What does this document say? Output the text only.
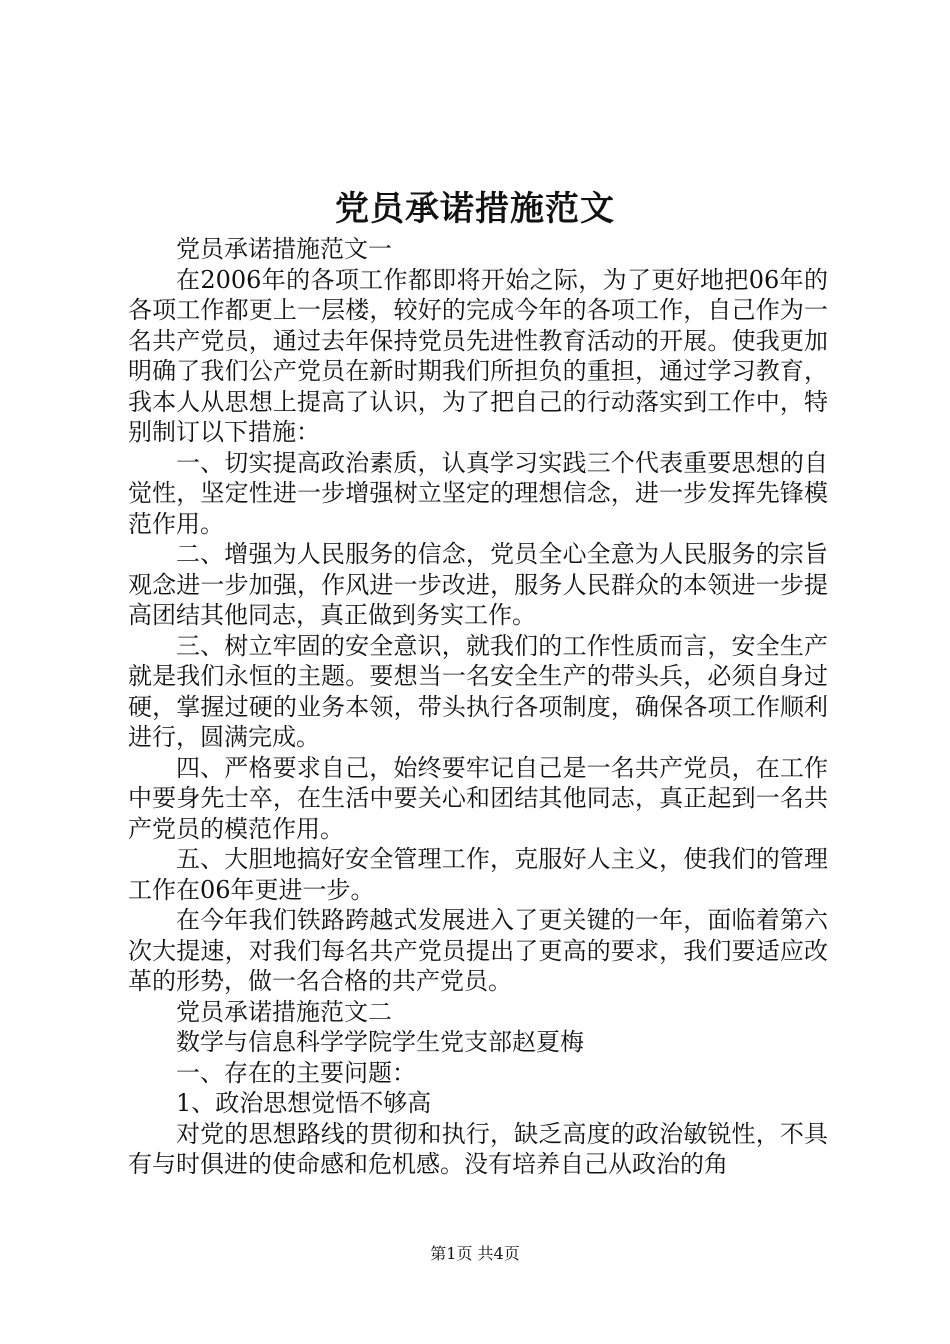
党员承诺措施范文

党员承诺措施范文一

在2006年的各项工作都即将开始之际，为了更好地把06年的各项工作都更上一层楼，较好的完成今年的各项工作，自己作为一名共产党员，通过去年保持党员先进性教育活动的开展。使我更加明确了我们公产党员在新时期我们所担负的重担，通过学习教育，我本人从思想上提高了认识，为了把自己的行动落实到工作中，特别制订以下措施：

一、切实提高政治素质，认真学习实践三个代表重要思想的自觉性，坚定性进一步增强树立坚定的理想信念，进一步发挥先锋模范作用。

二、增强为人民服务的信念，党员全心全意为人民服务的宗旨观念进一步加强，作风进一步改进，服务人民群众的本领进一步提高团结其他同志，真正做到务实工作。

三、树立牢固的安全意识，就我们的工作性质而言，安全生产就是我们永恒的主题。要想当一名安全生产的带头兵，必须自身过硬，掌握过硬的业务本领，带头执行各项制度，确保各项工作顺利进行，圆满完成。

四、严格要求自己，始终要牢记自己是一名共产党员，在工作中要身先士卒，在生活中要关心和团结其他同志，真正起到一名共产党员的模范作用。

五、大胆地搞好安全管理工作，克服好人主义，使我们的管理工作在06年更进一步。

在今年我们铁路跨越式发展进入了更关键的一年，面临着第六次大提速，对我们每名共产党员提出了更高的要求，我们要适应改革的形势，做一名合格的共产党员。

党员承诺措施范文二

数学与信息科学学院学生党支部赵夏梅

一、存在的主要问题：

1、政治思想觉悟不够高

对党的思想路线的贯彻和执行，缺乏高度的政治敏锐性，不具有与时俱进的使命感和危机感。没有培养自己从政治的角

第1页 共4页
